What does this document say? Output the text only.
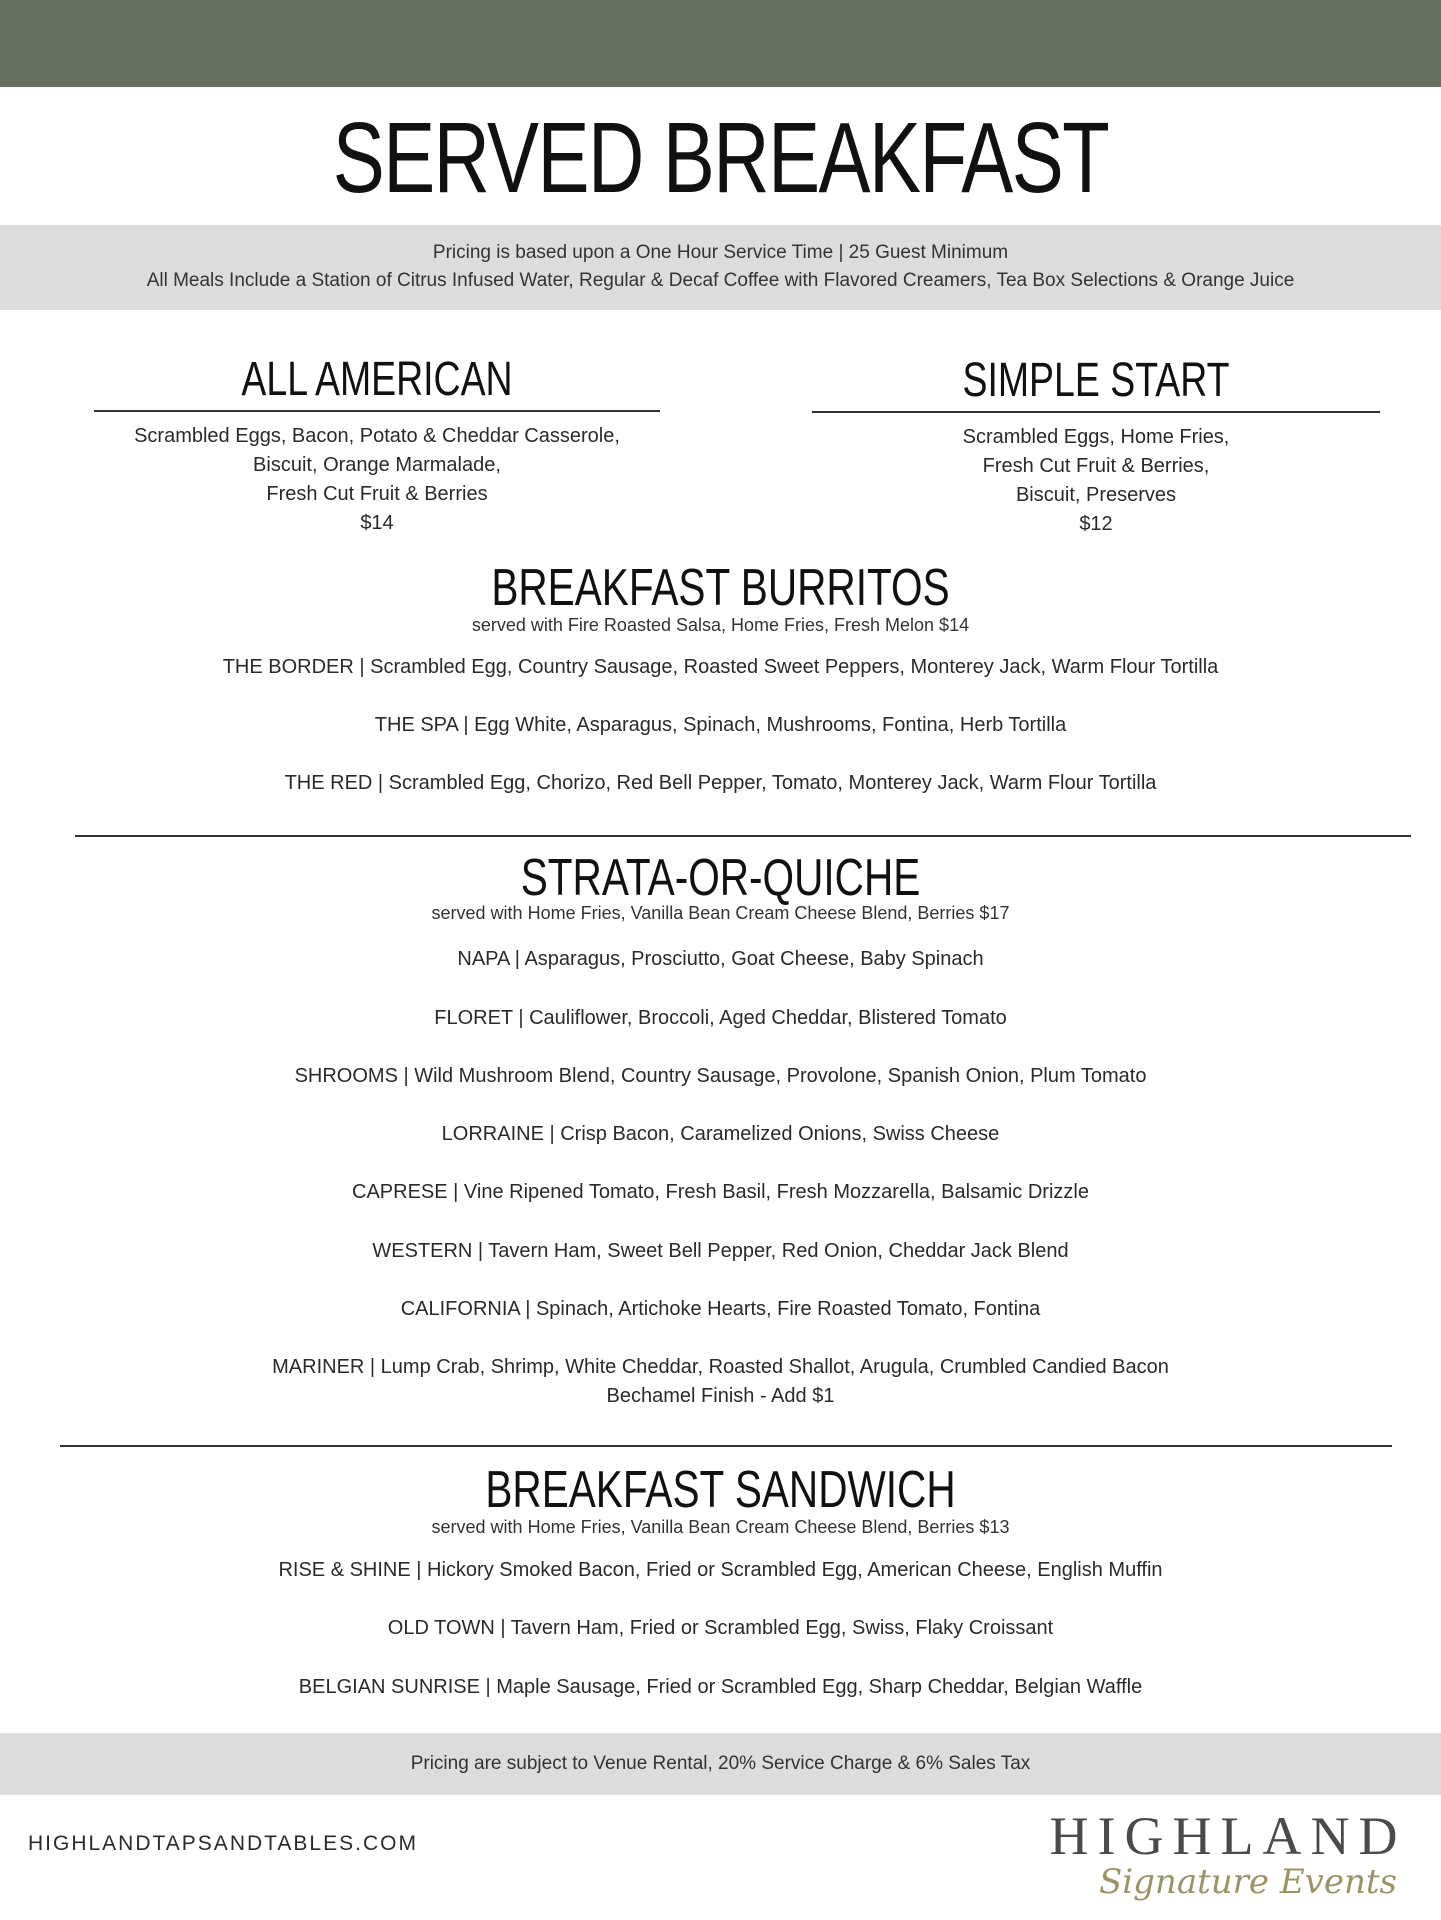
SERVED BREAKFAST
Pricing is based upon a One Hour Service Time | 25 Guest Minimum
All Meals Include a Station of Citrus Infused Water, Regular & Decaf Coffee with Flavored Creamers, Tea Box Selections & Orange Juice
ALL AMERICAN

Scrambled Eggs, Bacon, Potato & Cheddar Casserole,

Biscuit, Orange Marmalade,

Fresh Cut Fruit & Berries

$14

SIMPLE START

Scrambled Eggs, Home Fries,

Fresh Cut Fruit & Berries,

Biscuit, Preserves

$12

BREAKFAST BURRITOS
served with Fire Roasted Salsa, Home Fries, Fresh Melon $14
THE BORDER | Scrambled Egg, Country Sausage, Roasted Sweet Peppers, Monterey Jack, Warm Flour Tortilla
THE SPA | Egg White, Asparagus, Spinach, Mushrooms, Fontina, Herb Tortilla
THE RED | Scrambled Egg, Chorizo, Red Bell Pepper, Tomato, Monterey Jack, Warm Flour Tortilla
STRATA-OR-QUICHE
served with Home Fries, Vanilla Bean Cream Cheese Blend, Berries $17
NAPA | Asparagus, Prosciutto, Goat Cheese, Baby Spinach
FLORET | Cauliflower, Broccoli, Aged Cheddar, Blistered Tomato
SHROOMS | Wild Mushroom Blend, Country Sausage, Provolone, Spanish Onion, Plum Tomato
LORRAINE | Crisp Bacon, Caramelized Onions, Swiss Cheese
CAPRESE | Vine Ripened Tomato, Fresh Basil, Fresh Mozzarella, Balsamic Drizzle
WESTERN | Tavern Ham, Sweet Bell Pepper, Red Onion, Cheddar Jack Blend
CALIFORNIA | Spinach, Artichoke Hearts, Fire Roasted Tomato, Fontina
MARINER | Lump Crab, Shrimp, White Cheddar, Roasted Shallot, Arugula, Crumbled Candied Bacon
Bechamel Finish - Add $1
BREAKFAST SANDWICH
served with Home Fries, Vanilla Bean Cream Cheese Blend, Berries $13
RISE & SHINE | Hickory Smoked Bacon, Fried or Scrambled Egg, American Cheese, English Muffin
OLD TOWN | Tavern Ham, Fried or Scrambled Egg, Swiss, Flaky Croissant
BELGIAN SUNRISE | Maple Sausage, Fried or Scrambled Egg, Sharp Cheddar, Belgian Waffle
Pricing are subject to Venue Rental, 20% Service Charge & 6% Sales Tax
HIGHLANDTAPSANDTABLES.COM	HIGHLAND
Signature Events
